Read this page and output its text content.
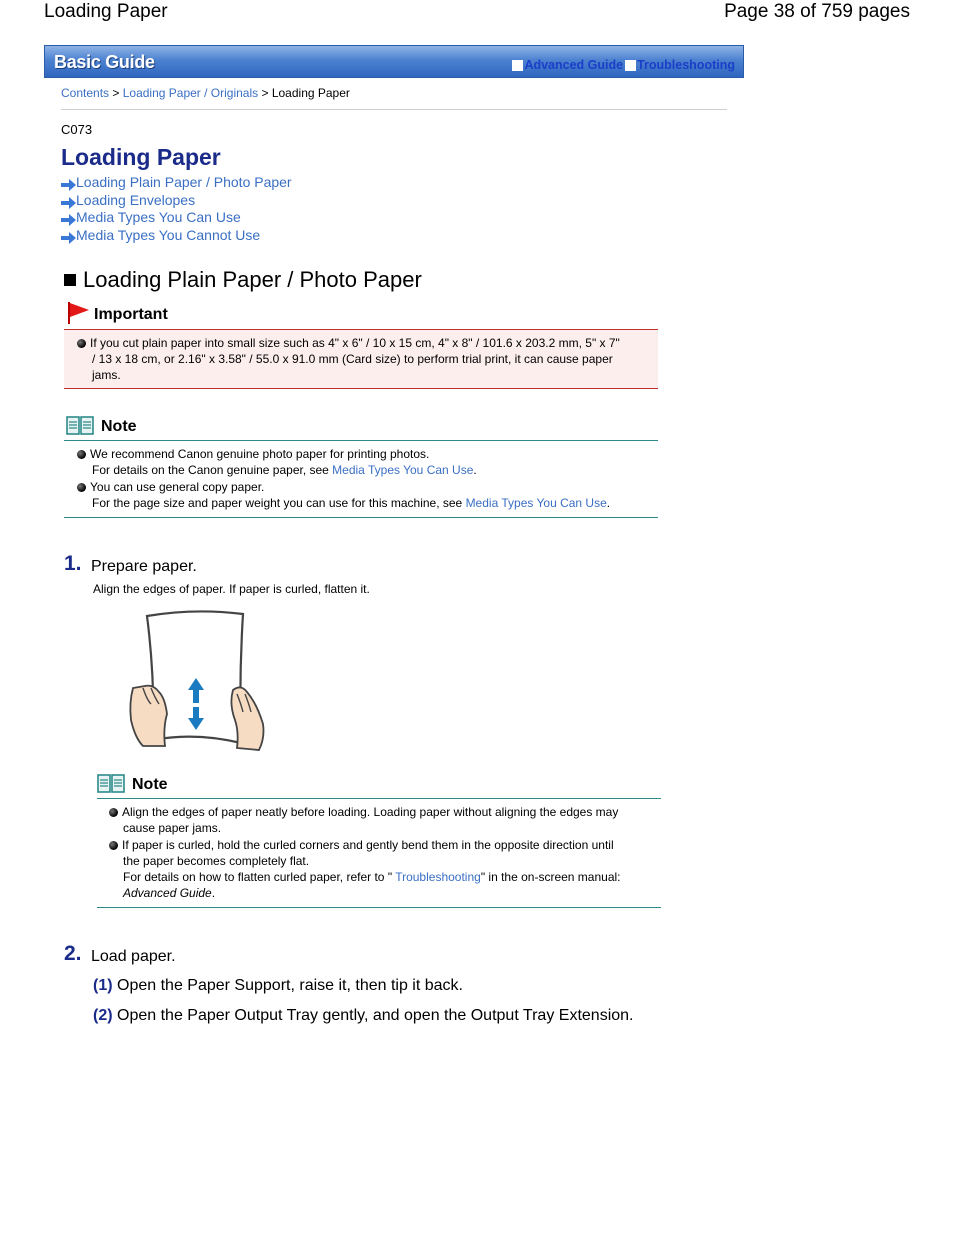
Loading Paper	Page 38 of 759 pages
Basic Guide	Advanced Guide Troubleshooting
Contents > Loading Paper / Originals > Loading Paper
C073
Loading Paper
Loading Plain Paper / Photo Paper
Loading Envelopes
Media Types You Can Use
Media Types You Cannot Use
Loading Plain Paper / Photo Paper
Important
If you cut plain paper into small size such as 4" x 6" / 10 x 15 cm, 4" x 8" / 101.6 x 203.2 mm, 5" x 7"
/ 13 x 18 cm, or 2.16" x 3.58" / 55.0 x 91.0 mm (Card size) to perform trial print, it can cause paper
jams.
Note
We recommend Canon genuine photo paper for printing photos.
For details on the Canon genuine paper, see Media Types You Can Use.
You can use general copy paper.
For the page size and paper weight you can use for this machine, see Media Types You Can Use.
1. Prepare paper.
Align the edges of paper. If paper is curled, flatten it.
Note
Align the edges of paper neatly before loading. Loading paper without aligning the edges may
cause paper jams.
If paper is curled, hold the curled corners and gently bend them in the opposite direction until
the paper becomes completely flat.
For details on how to flatten curled paper, refer to " Troubleshooting" in the on-screen manual:
Advanced Guide.
2. Load paper.
(1) Open the Paper Support, raise it, then tip it back.
(2) Open the Paper Output Tray gently, and open the Output Tray Extension.
